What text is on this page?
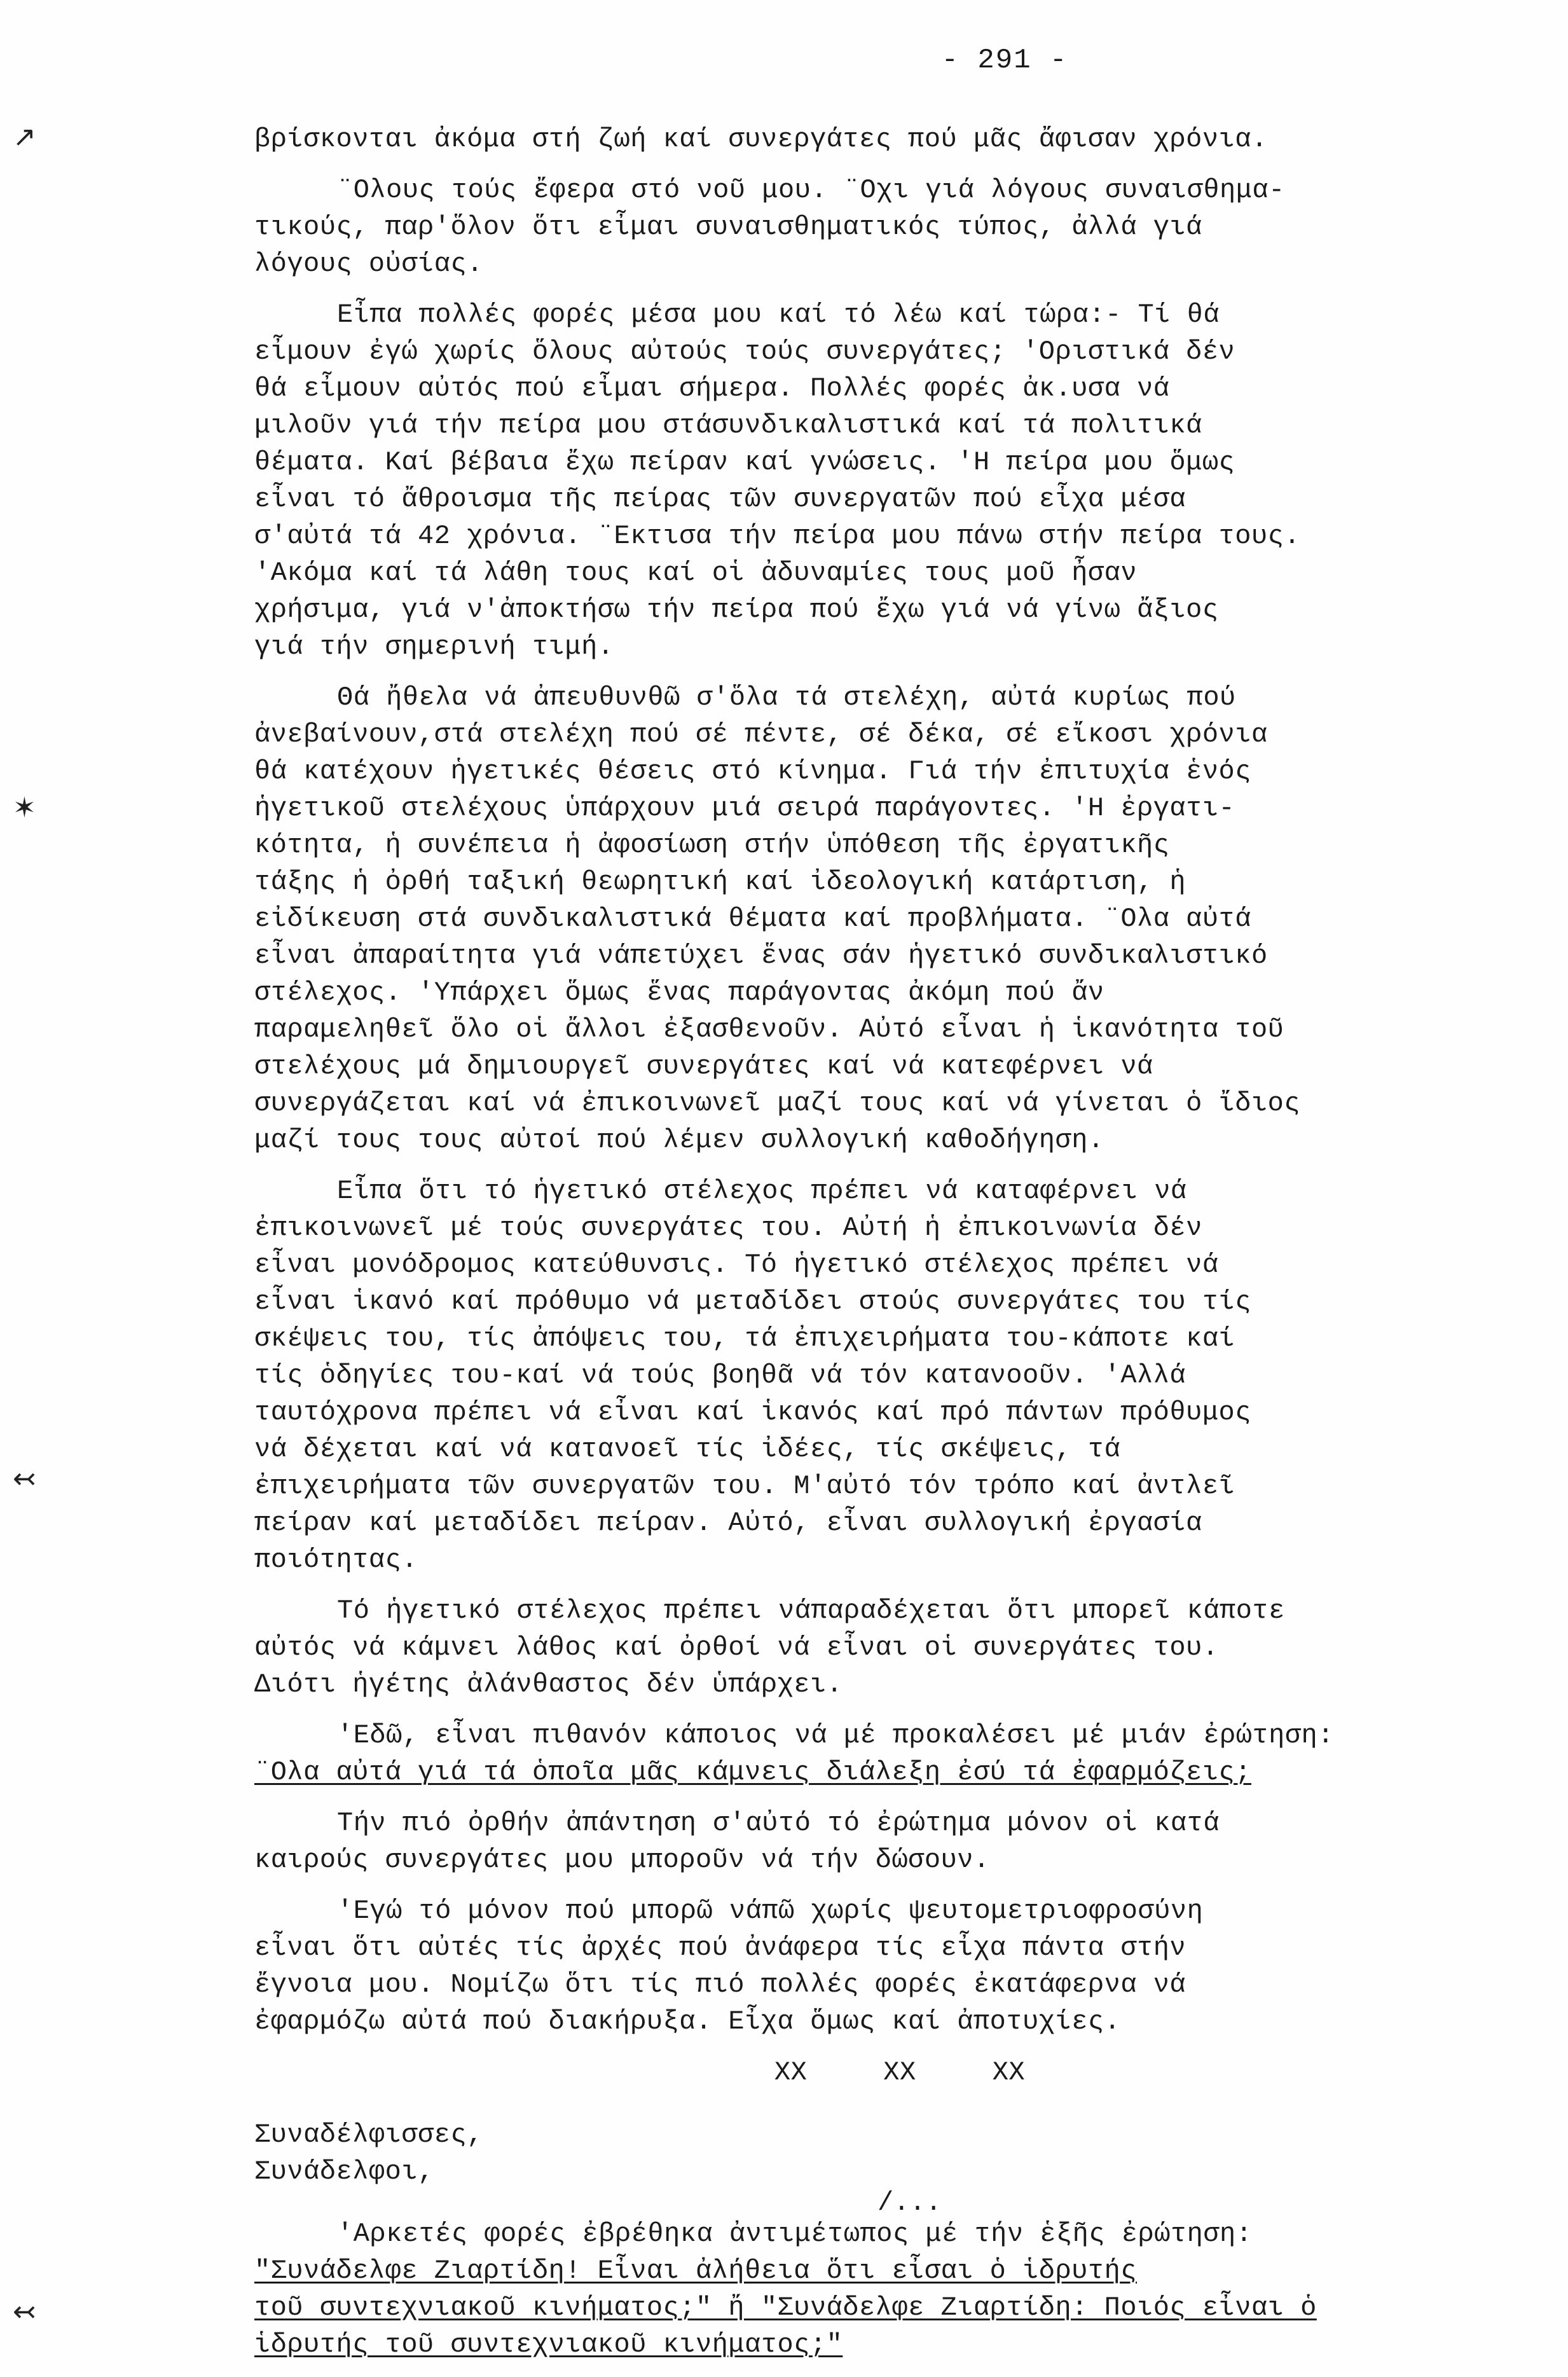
- 291 -
↗
✶
↢
↢
βρίσκονται ἀκόμα στή ζωή καί συνεργάτες πού μᾶς ἄφισαν χρόνια.
¨Ολους τούς ἔφερα στό νοῦ μου. ¨Οχι γιά λόγους συναισθημα-
τικούς, παρ'ὅλον ὅτι εἶμαι συναισθηματικός τύπος, ἀλλά γιά
λόγους οὐσίας.
Εἶπα πολλές φορές μέσα μου καί τό λέω καί τώρα:- Τί θά
εἶμουν ἐγώ χωρίς ὅλους αὐτούς τούς συνεργάτες; 'Οριστικά δέν
θά εἶμουν αὐτός πού εἶμαι σήμερα. Πολλές φορές ἀκ.υσα νά
μιλοῦν γιά τήν πείρα μου στάσυνδικαλιστικά καί τά πολιτικά
θέματα. Καί βέβαια ἔχω πείραν καί γνώσεις. 'Η πείρα μου ὅμως
εἶναι τό ἄθροισμα τῆς πείρας τῶν συνεργατῶν πού εἶχα μέσα
σ'αὐτά τά 42 χρόνια. ¨Εκτισα τήν πείρα μου πάνω στήν πείρα τους.
'Ακόμα καί τά λάθη τους καί οἱ ἀδυναμίες τους μοῦ ἦσαν
χρήσιμα, γιά ν'ἀποκτήσω τήν πείρα πού ἔχω γιά νά γίνω ἄξιος
γιά τήν σημερινή τιμή.
Θά ἤθελα νά ἀπευθυνθῶ σ'ὅλα τά στελέχη, αὐτά κυρίως πού
ἀνεβαίνουν,στά στελέχη πού σέ πέντε, σέ δέκα, σέ εἴκοσι χρόνια
θά κατέχουν ἡγετικές θέσεις στό κίνημα. Γιά τήν ἐπιτυχία ἑνός
ἡγετικοῦ στελέχους ὑπάρχουν μιά σειρά παράγοντες. 'Η ἐργατι-
κότητα, ἡ συνέπεια ἡ ἀφοσίωση στήν ὑπόθεση τῆς ἐργατικῆς
τάξης ἡ ὀρθή ταξική θεωρητική καί ἰδεολογική κατάρτιση, ἡ
εἰδίκευση στά συνδικαλιστικά θέματα καί προβλήματα. ¨Ολα αὐτά
εἶναι ἀπαραίτητα γιά νάπετύχει ἕνας σάν ἡγετικό συνδικαλιστικό
στέλεχος. 'Υπάρχει ὅμως ἕνας παράγοντας ἀκόμη πού ἄν
παραμεληθεῖ ὅλο οἱ ἄλλοι ἐξασθενοῦν. Αὐτό εἶναι ἡ ἱκανότητα τοῦ
στελέχους μά δημιουργεῖ συνεργάτες καί νά κατεφέρνει νά
συνεργάζεται καί νά ἐπικοινωνεῖ μαζί τους καί νά γίνεται ὁ ἴδιος
μαζί τους τους αὐτοί πού λέμεν συλλογική καθοδήγηση.
Εἶπα ὅτι τό ἡγετικό στέλεχος πρέπει νά καταφέρνει νά
ἐπικοινωνεῖ μέ τούς συνεργάτες του. Αὐτή ἡ ἐπικοινωνία δέν
εἶναι μονόδρομος κατεύθυνσις. Τό ἡγετικό στέλεχος πρέπει νά
εἶναι ἱκανό καί πρόθυμο νά μεταδίδει στούς συνεργάτες του τίς
σκέψεις του, τίς ἀπόψεις του, τά ἐπιχειρήματα του-κάποτε καί
τίς ὁδηγίες του-καί νά τούς βοηθᾶ νά τόν κατανοοῦν. 'Αλλά
ταυτόχρονα πρέπει νά εἶναι καί ἱκανός καί πρό πάντων πρόθυμος
νά δέχεται καί νά κατανοεῖ τίς ἰδέες, τίς σκέψεις, τά
ἐπιχειρήματα τῶν συνεργατῶν του. Μ'αὐτό τόν τρόπο καί ἀντλεῖ
πείραν καί μεταδίδει πείραν. Αὐτό, εἶναι συλλογική ἐργασία
ποιότητας.
Τό ἡγετικό στέλεχος πρέπει νάπαραδέχεται ὅτι μπορεῖ κάποτε
αὐτός νά κάμνει λάθος καί ὀρθοί νά εἶναι οἱ συνεργάτες του.
Διότι ἡγέτης ἀλάνθαστος δέν ὑπάρχει.
'Εδῶ, εἶναι πιθανόν κάποιος νά μέ προκαλέσει μέ μιάν ἐρώτηση:
¨Ολα αὐτά γιά τά ὁποῖα μᾶς κάμνεις διάλεξη ἐσύ τά ἐφαρμόζεις;
Τήν πιό ὀρθήν ἀπάντηση σ'αὐτό τό ἐρώτημα μόνον οἱ κατά
καιρούς συνεργάτες μου μποροῦν νά τήν δώσουν.
'Εγώ τό μόνον πού μπορῶ νάπῶ χωρίς ψευτομετριοφροσύνη
εἶναι ὅτι αὐτές τίς ἀρχές πού ἀνάφερα τίς εἶχα πάντα στήν
ἔγνοια μου. Νομίζω ὅτι τίς πιό πολλές φορές ἐκατάφερνα νά
ἐφαρμόζω αὐτά πού διακήρυξα. Εἶχα ὅμως καί ἀποτυχίες.
XX	XX	XX
Συναδέλφισσες,
Συνάδελφοι,
'Αρκετές φορές ἐβρέθηκα ἀντιμέτωπος μέ τήν ἑξῆς ἐρώτηση:
"Συνάδελφε Ζιαρτίδη! Εἶναι ἀλήθεια ὅτι εἶσαι ὁ ἱδρυτής
τοῦ συντεχνιακοῦ κινήματος;" ἤ "Συνάδελφε Ζιαρτίδη: Ποιός εἶναι ὁ
ἱδρυτής τοῦ συντεχνιακοῦ κινήματος;"
/...
